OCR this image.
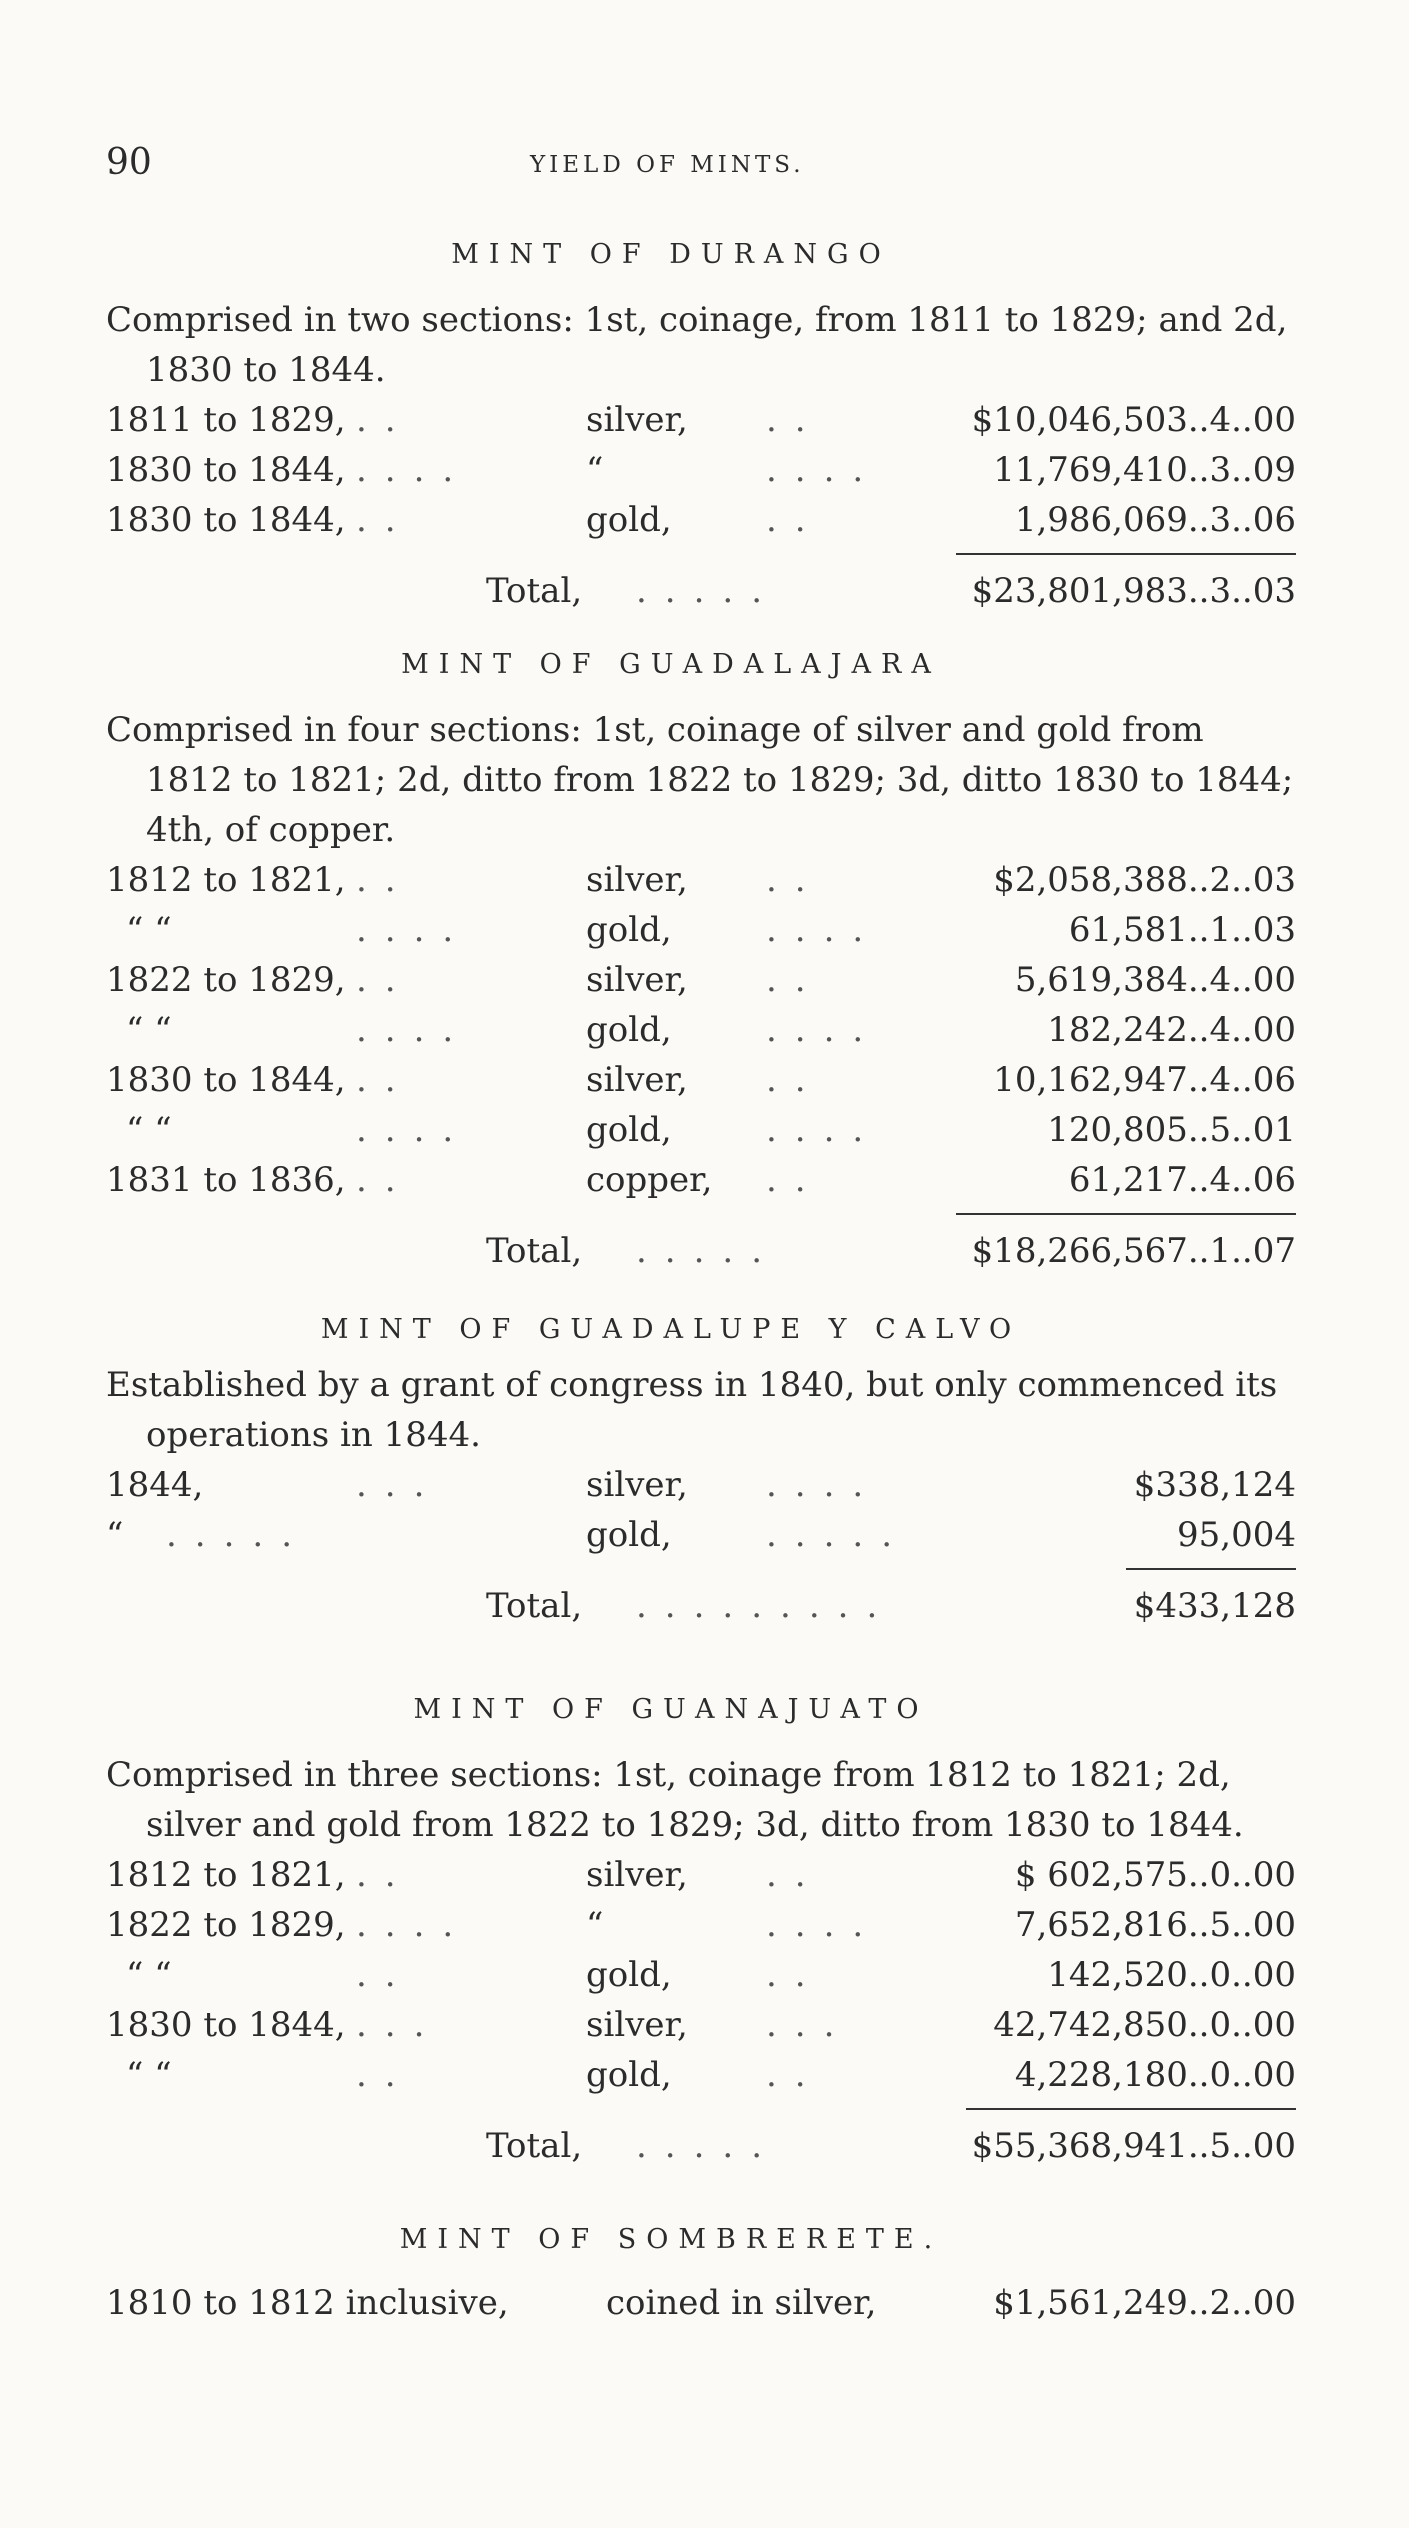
90	YIELD OF MINTS.
MINT OF DURANGO
Comprised in two sections: 1st, coinage, from 1811 to 1829; and 2d, 1830 to 1844.
1811 to 1829, ..	silver, ..	$10,046,503..4..00
1830 to 1844, ....	“	....	11,769,410..3..09
1830 to 1844, ..	gold,	..	1,986,069..3..06
Total, .....	$23,801,983..3..03
MINT OF GUADALAJARA
Comprised in four sections: 1st, coinage of silver and gold from 1812 to 1821; 2d, ditto from 1822 to 1829; 3d, ditto 1830 to 1844; 4th, of copper.
1812 to 1821, ..	silver, ..	$2,058,388..2..03
“ “	....	gold,	....	61,581..1..03
1822 to 1829, ..	silver, ..	5,619,384..4..00
“ “	....	gold,	....	182,242..4..00
1830 to 1844, ..	silver, ..	10,162,947..4..06
“ “	....	gold,	....	120,805..5..01
1831 to 1836, ..	copper, ..	61,217..4..06
Total, .....	$18,266,567..1..07
MINT OF GUADALUPE Y CALVO
Established by a grant of congress in 1840, but only commenced its operations in 1844.
1844,	...	silver, ....	$338,124
“ .....	gold,	.....	95,004
Total, .........	$433,128
MINT OF GUANAJUATO
Comprised in three sections: 1st, coinage from 1812 to 1821; 2d, silver and gold from 1822 to 1829; 3d, ditto from 1830 to 1844.
1812 to 1821, ..	silver, ..	$ 602,575..0..00
1822 to 1829, ....	“	....	7,652,816..5..00
“ “	..	gold,	..	142,520..0..00
1830 to 1844, ...	silver, ...	42,742,850..0..00
“ “	..	gold,	..	4,228,180..0..00
Total, .....	$55,368,941..5..00
MINT OF SOMBRERETE.
1810 to 1812 inclusive,	coined in silver,	$1,561,249..2..00
